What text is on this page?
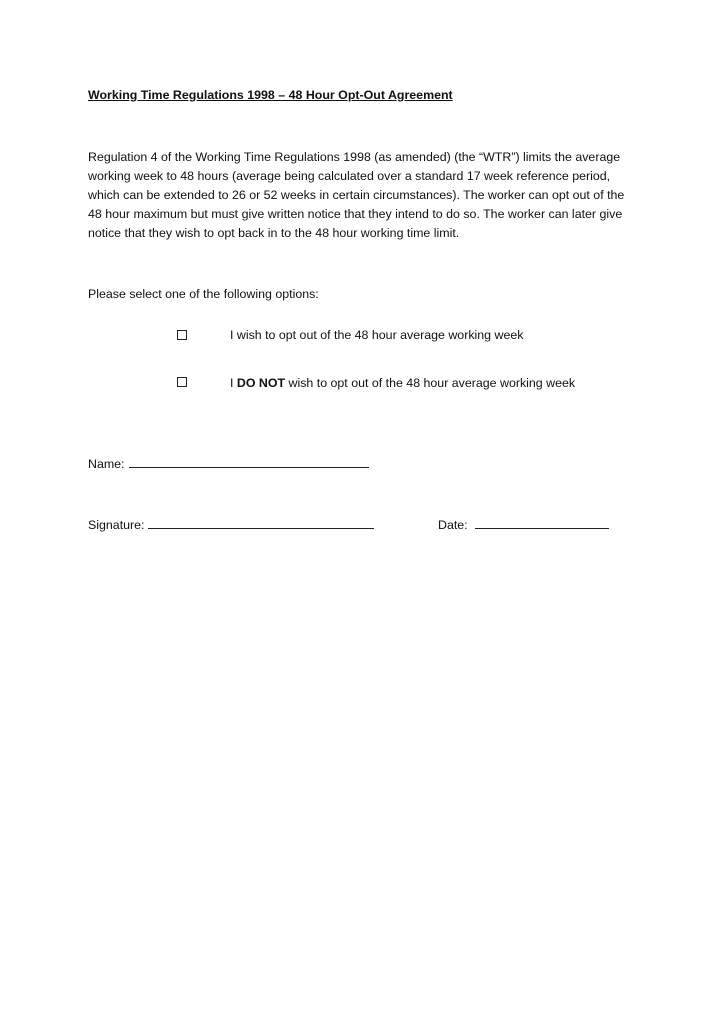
Working Time Regulations 1998 – 48 Hour Opt-Out Agreement
Regulation 4 of the Working Time Regulations 1998 (as amended) (the “WTR”) limits the average
working week to 48 hours (average being calculated over a standard 17 week reference period,
which can be extended to 26 or 52 weeks in certain circumstances). The worker can opt out of the
48 hour maximum but must give written notice that they intend to do so. The worker can later give
notice that they wish to opt back in to the 48 hour working time limit.
Please select one of the following options:
I wish to opt out of the 48 hour average working week
I DO NOT wish to opt out of the 48 hour average working week
Name:
Signature:	Date:
